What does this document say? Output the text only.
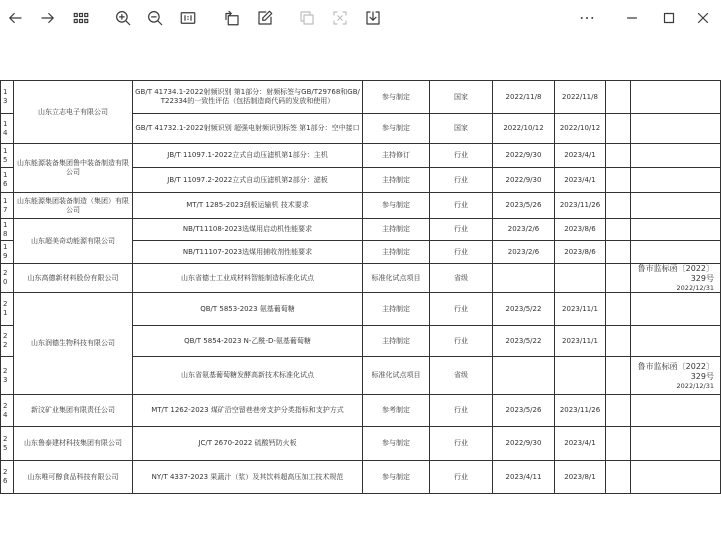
13	山东立志电子有限公司	GB/T 41734.1-2022射频识别 第1部分：射频标签与GB/T29768和GB/T22334的一致性评估（包括制造商代码的发放和使用）	参与制定	国家	2022/11/8	2022/11/8		
14		GB/T 41732.1-2022射频识别 超强电射频识别标签 第1部分：空中接口	参与制定	国家	2022/10/12	2022/10/12		
15	山东能源装备集团鲁中装备制造有限公司	JB/T 11097.1-2022立式自动压滤机第1部分：主机	主持修订	行业	2022/9/30	2023/4/1		
16		JB/T 11097.2-2022立式自动压滤机第2部分：滤板	主持制定	行业	2022/9/30	2023/4/1		
17	山东能源集团装备制造（集团）有限公司	MT/T 1285-2023刮板运输机 技术要求	参与制定	行业	2023/5/26	2023/11/26		
18	山东超美奇动能源有限公司	NB/T11108-2023选煤用启动机性能要求	主持制定	行业	2023/2/6	2023/8/6		
19		NB/T11107-2023选煤用捕收剂性能要求	主持制定	行业	2023/2/6	2023/8/6		
20	山东高德新材料股份有限公司	山东省德士工业成材料智能制造标准化试点	标准化试点项目	省级				鲁市监标函〔2022〕329号
2022/12/31

21	山东润德生物科技有限公司	QB/T 5853-2023 氨基葡萄糖	主持制定	行业	2023/5/22	2023/11/1		
22		QB/T 5854-2023 N-乙酰-D-氨基葡萄糖	主持制定	行业	2023/5/22	2023/11/1		
23		山东省氨基葡萄糖发酵高新技术标准化试点	标准化试点项目	省级				鲁市监标函〔2022〕329号
2022/12/31

24	新汶矿业集团有限责任公司	MT/T 1262-2023 煤矿沿空留巷巷旁支护分类指标和支护方式	参考制定	行业	2023/5/26	2023/11/26		
25	山东鲁泰建材科技集团有限公司	JC/T 2670-2022 硫酸钙防火板	参与制定	行业	2022/9/30	2023/4/1		
26	山东唯可醇食品科技有限公司	NY/T 4337-2023 果蔬汁（浆）及其饮料超高压加工技术规范	参与制定	行业	2023/4/11	2023/8/1		
